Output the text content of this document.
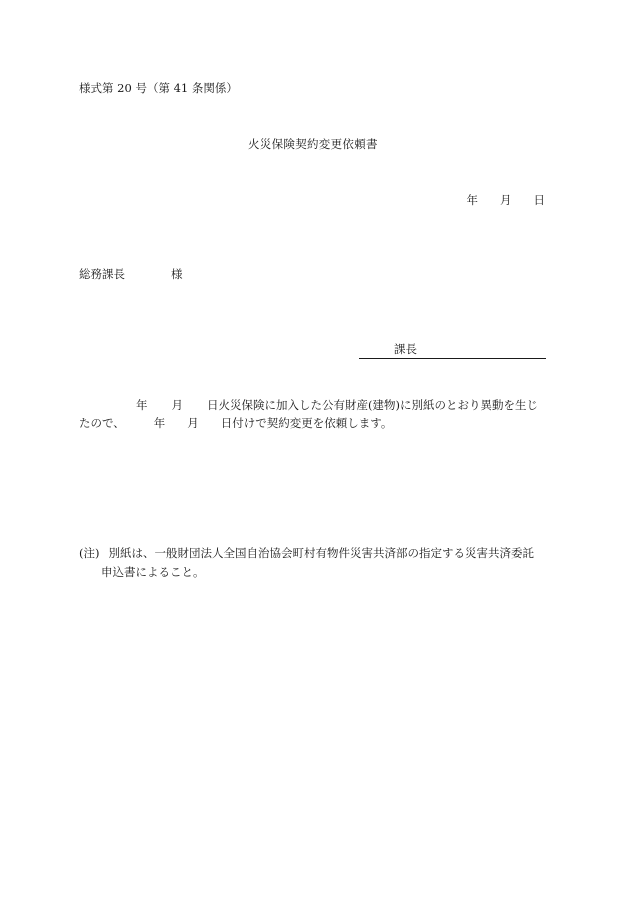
様式第 20 号（第 41 条関係）
火災保険契約変更依頼書
年 月 日
総務課長	様
課長
年 月 日火災保険に加入した公有財産(建物)に別紙のとおり異動を生じ
たので、	年 月 日付けで契約変更を依頼します。
(注) 別紙は、一般財団法人全国自治協会町村有物件災害共済部の指定する災害共済委託
申込書によること。
